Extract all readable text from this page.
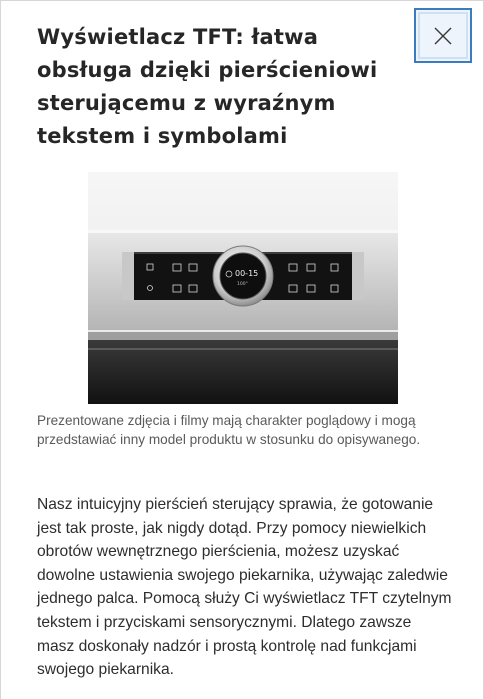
Wyświetlacz TFT: łatwa obsługa dzięki pierścieniowi sterującemu z wyraźnym tekstem i symbolami
00-15
100°

Prezentowane zdjęcia i filmy mają charakter poglądowy i mogą przedstawiać inny model produktu w stosunku do opisywanego.

Nasz intuicyjny pierścień sterujący sprawia, że gotowanie jest tak proste, jak nigdy dotąd. Przy pomocy niewielkich obrotów wewnętrznego pierścienia, możesz uzyskać dowolne ustawienia swojego piekarnika, używając zaledwie jednego palca. Pomocą służy Ci wyświetlacz TFT czytelnym tekstem i przyciskami sensorycznymi. Dlatego zawsze masz doskonały nadzór i prostą kontrolę nad funkcjami swojego piekarnika.
